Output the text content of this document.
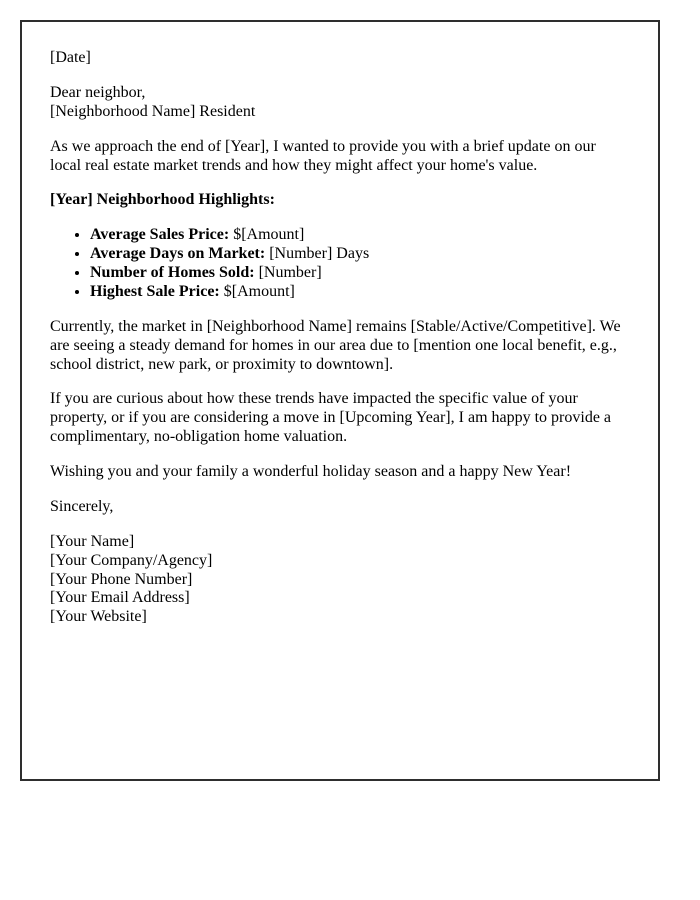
[Date]

Dear neighbor,
[Neighborhood Name] Resident

As we approach the end of [Year], I wanted to provide you with a brief update on our local real estate market trends and how they might affect your home's value.

[Year] Neighborhood Highlights:

• Average Sales Price: $[Amount]
• Average Days on Market: [Number] Days
• Number of Homes Sold: [Number]
• Highest Sale Price: $[Amount]

Currently, the market in [Neighborhood Name] remains [Stable/Active/Competitive]. We are seeing a steady demand for homes in our area due to [mention one local benefit, e.g., school district, new park, or proximity to downtown].

If you are curious about how these trends have impacted the specific value of your property, or if you are considering a move in [Upcoming Year], I am happy to provide a complimentary, no-obligation home valuation.

Wishing you and your family a wonderful holiday season and a happy New Year!

Sincerely,

[Your Name]
[Your Company/Agency]
[Your Phone Number]
[Your Email Address]
[Your Website]
